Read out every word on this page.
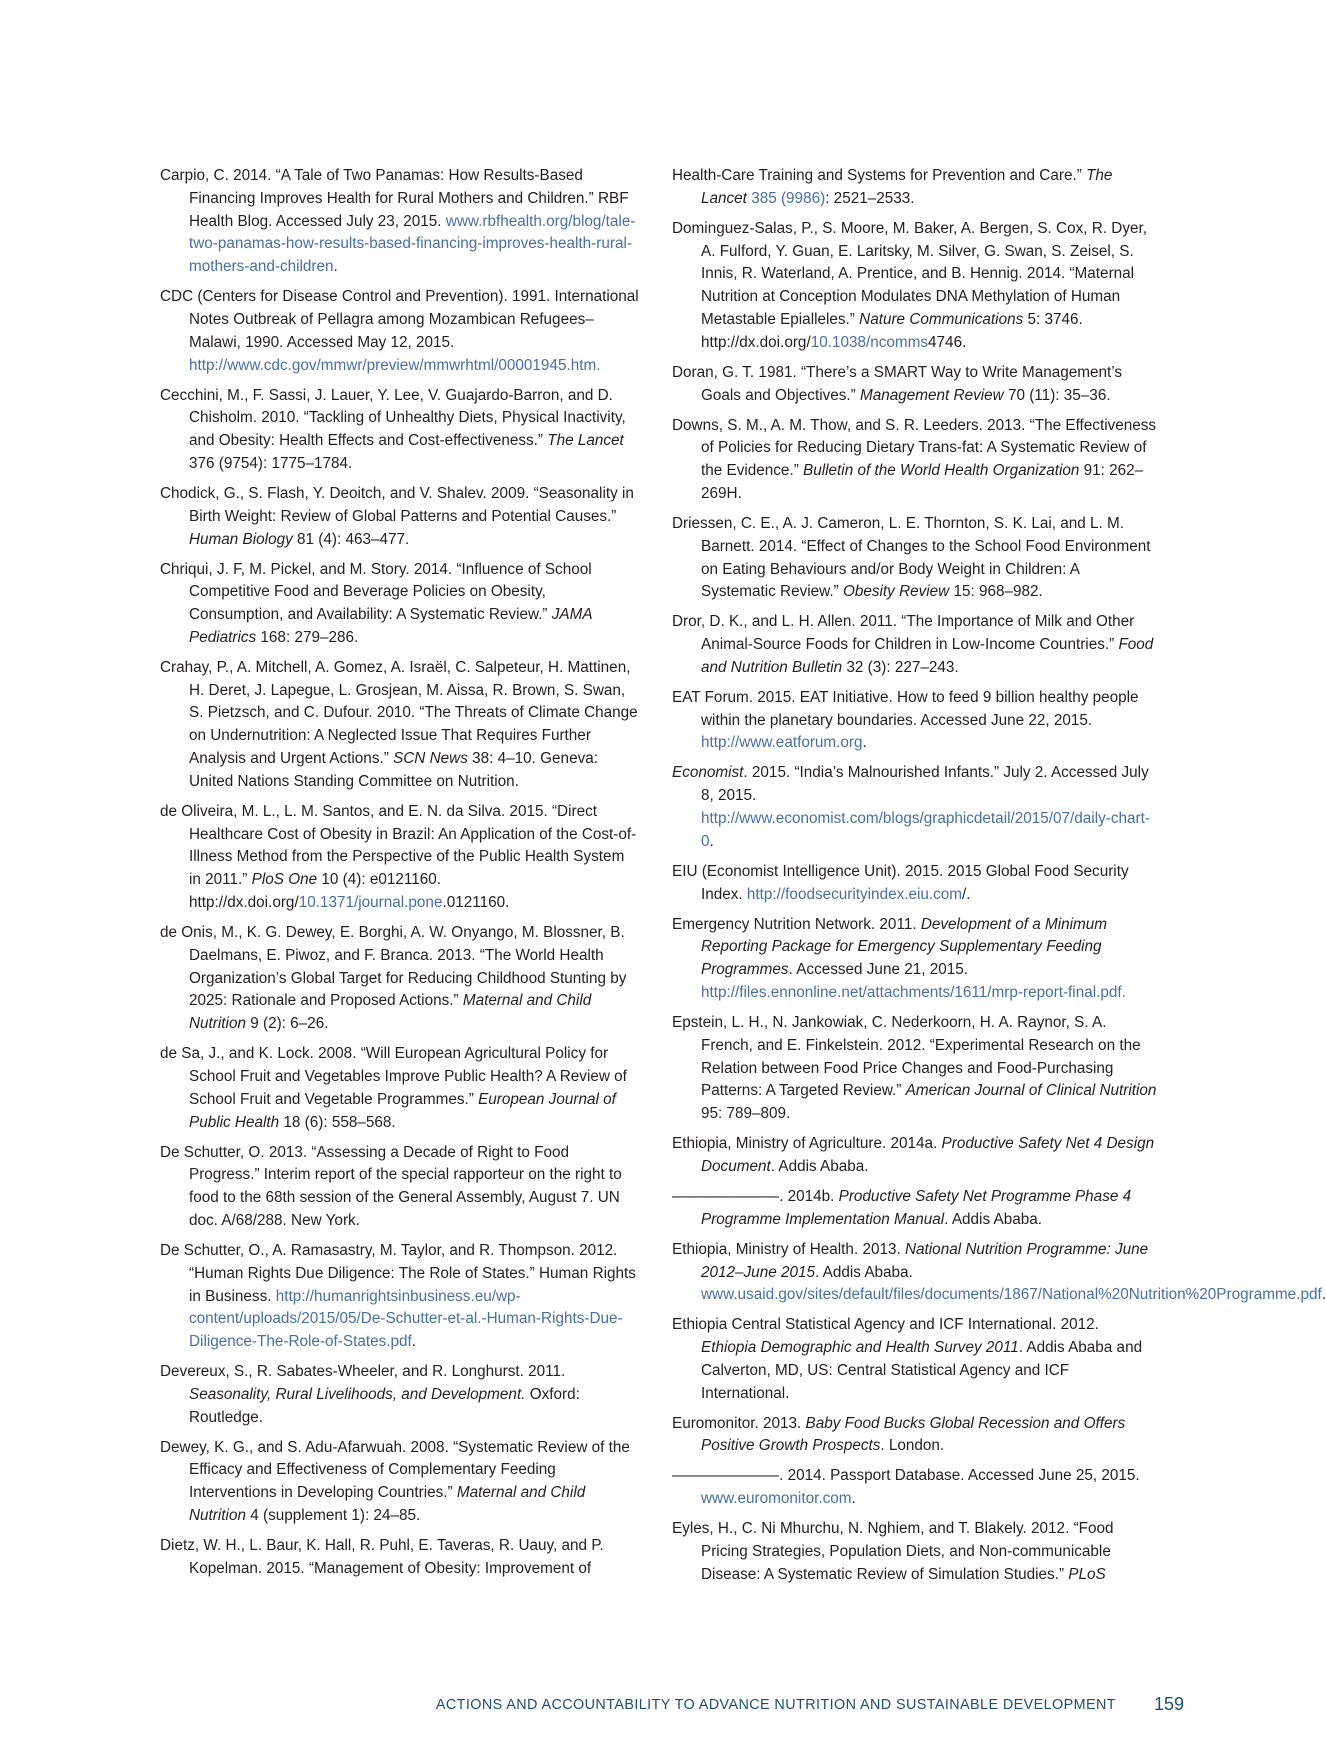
Carpio, C. 2014. “A Tale of Two Panamas: How Results-Based Financing Improves Health for Rural Mothers and Children.” RBF Health Blog. Accessed July 23, 2015. www.rbfhealth.org/blog/tale-two-panamas-how-results-based-financing-improves-health-rural-mothers-and-children.

CDC (Centers for Disease Control and Prevention). 1991. International Notes Outbreak of Pellagra among Mozambican Refugees–Malawi, 1990. Accessed May 12, 2015. http://www.cdc.gov/mmwr/preview/mmwrhtml/00001945.htm.

Cecchini, M., F. Sassi, J. Lauer, Y. Lee, V. Guajardo-Barron, and D. Chisholm. 2010. “Tackling of Unhealthy Diets, Physical Inactivity, and Obesity: Health Effects and Cost-effectiveness.” The Lancet 376 (9754): 1775–1784.

Chodick, G., S. Flash, Y. Deoitch, and V. Shalev. 2009. “Seasonality in Birth Weight: Review of Global Patterns and Potential Causes.” Human Biology 81 (4): 463–477.

Chriqui, J. F, M. Pickel, and M. Story. 2014. “Influence of School Competitive Food and Beverage Policies on Obesity, Consumption, and Availability: A Systematic Review.” JAMA Pediatrics 168: 279–286.

Crahay, P., A. Mitchell, A. Gomez, A. Israël, C. Salpeteur, H. Mattinen, H. Deret, J. Lapegue, L. Grosjean, M. Aissa, R. Brown, S. Swan, S. Pietzsch, and C. Dufour. 2010. “The Threats of Climate Change on Undernutrition: A Neglected Issue That Requires Further Analysis and Urgent Actions.” SCN News 38: 4–10. Geneva: United Nations Standing Committee on Nutrition.

de Oliveira, M. L., L. M. Santos, and E. N. da Silva. 2015. “Direct Healthcare Cost of Obesity in Brazil: An Application of the Cost-of-Illness Method from the Perspective of the Public Health System in 2011.” PloS One 10 (4): e0121160. http://dx.doi.org/10.1371/journal.pone.0121160.

de Onis, M., K. G. Dewey, E. Borghi, A. W. Onyango, M. Blossner, B. Daelmans, E. Piwoz, and F. Branca. 2013. “The World Health Organization’s Global Target for Reducing Childhood Stunting by 2025: Rationale and Proposed Actions.” Maternal and Child Nutrition 9 (2): 6–26.

de Sa, J., and K. Lock. 2008. “Will European Agricultural Policy for School Fruit and Vegetables Improve Public Health? A Review of School Fruit and Vegetable Programmes.” European Journal of Public Health 18 (6): 558–568.

De Schutter, O. 2013. “Assessing a Decade of Right to Food Progress.” Interim report of the special rapporteur on the right to food to the 68th session of the General Assembly, August 7. UN doc. A/68/288. New York.

De Schutter, O., A. Ramasastry, M. Taylor, and R. Thompson. 2012. “Human Rights Due Diligence: The Role of States.” Human Rights in Business. http://humanrightsinbusiness.eu/wp-content/uploads/2015/05/De-Schutter-et-al.-Human-Rights-Due-Diligence-The-Role-of-States.pdf.

Devereux, S., R. Sabates-Wheeler, and R. Longhurst. 2011. Seasonality, Rural Livelihoods, and Development. Oxford: Routledge.

Dewey, K. G., and S. Adu-Afarwuah. 2008. “Systematic Review of the Efficacy and Effectiveness of Complementary Feeding Interventions in Developing Countries.” Maternal and Child Nutrition 4 (supplement 1): 24–85.

Dietz, W. H., L. Baur, K. Hall, R. Puhl, E. Taveras, R. Uauy, and P. Kopelman. 2015. “Management of Obesity: Improvement of

Health-Care Training and Systems for Prevention and Care.” The Lancet 385 (9986): 2521–2533.

Dominguez-Salas, P., S. Moore, M. Baker, A. Bergen, S. Cox, R. Dyer, A. Fulford, Y. Guan, E. Laritsky, M. Silver, G. Swan, S. Zeisel, S. Innis, R. Waterland, A. Prentice, and B. Hennig. 2014. “Maternal Nutrition at Conception Modulates DNA Methylation of Human Metastable Epialleles.” Nature Communications 5: 3746. http://dx.doi.org/10.1038/ncomms4746.

Doran, G. T. 1981. “There’s a SMART Way to Write Management’s Goals and Objectives.” Management Review 70 (11): 35–36.

Downs, S. M., A. M. Thow, and S. R. Leeders. 2013. “The Effectiveness of Policies for Reducing Dietary Trans-fat: A Systematic Review of the Evidence.” Bulletin of the World Health Organization 91: 262–269H.

Driessen, C. E., A. J. Cameron, L. E. Thornton, S. K. Lai, and L. M. Barnett. 2014. “Effect of Changes to the School Food Environment on Eating Behaviours and/or Body Weight in Children: A Systematic Review.” Obesity Review 15: 968–982.

Dror, D. K., and L. H. Allen. 2011. “The Importance of Milk and Other Animal-Source Foods for Children in Low-Income Countries.” Food and Nutrition Bulletin 32 (3): 227–243.

EAT Forum. 2015. EAT Initiative. How to feed 9 billion healthy people within the planetary boundaries. Accessed June 22, 2015. http://www.eatforum.org.

Economist. 2015. “India’s Malnourished Infants.” July 2. Accessed July 8, 2015. http://www.economist.com/blogs/graphicdetail/2015/07/daily-chart-0.

EIU (Economist Intelligence Unit). 2015. 2015 Global Food Security Index. http://foodsecurityindex.eiu.com/.

Emergency Nutrition Network. 2011. Development of a Minimum Reporting Package for Emergency Supplementary Feeding Programmes. Accessed June 21, 2015. http://files.ennonline.net/attachments/1611/mrp-report-final.pdf.

Epstein, L. H., N. Jankowiak, C. Nederkoorn, H. A. Raynor, S. A. French, and E. Finkelstein. 2012. “Experimental Research on the Relation between Food Price Changes and Food-Purchasing Patterns: A Targeted Review.” American Journal of Clinical Nutrition 95: 789–809.

Ethiopia, Ministry of Agriculture. 2014a. Productive Safety Net 4 Design Document. Addis Ababa.

———————. 2014b. Productive Safety Net Programme Phase 4 Programme Implementation Manual. Addis Ababa.

Ethiopia, Ministry of Health. 2013. National Nutrition Programme: June 2012–June 2015. Addis Ababa. www.usaid.gov/sites/default/files/documents/1867/National%20Nutrition%20Programme.pdf.

Ethiopia Central Statistical Agency and ICF International. 2012. Ethiopia Demographic and Health Survey 2011. Addis Ababa and Calverton, MD, US: Central Statistical Agency and ICF International.

Euromonitor. 2013. Baby Food Bucks Global Recession and Offers Positive Growth Prospects. London.

———————. 2014. Passport Database. Accessed June 25, 2015. www.euromonitor.com.

Eyles, H., C. Ni Mhurchu, N. Nghiem, and T. Blakely. 2012. “Food Pricing Strategies, Population Diets, and Non-communicable Disease: A Systematic Review of Simulation Studies.” PLoS

ACTIONS AND ACCOUNTABILITY TO ADVANCE NUTRITION AND SUSTAINABLE DEVELOPMENT 159
